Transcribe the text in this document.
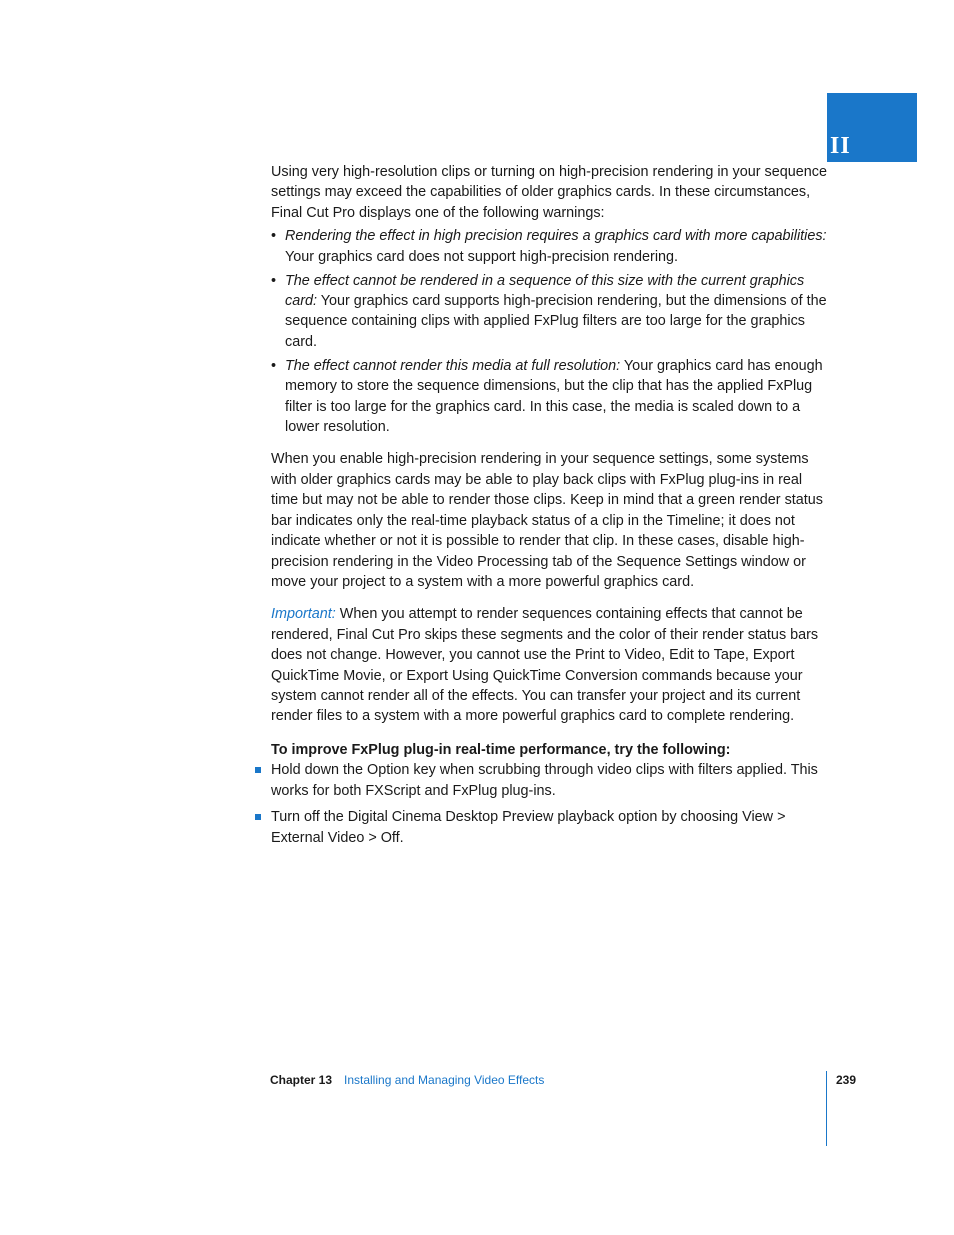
II

Using very high-resolution clips or turning on high-precision rendering in your sequence settings may exceed the capabilities of older graphics cards. In these circumstances, Final Cut Pro displays one of the following warnings:

• Rendering the effect in high precision requires a graphics card with more capabilities: Your graphics card does not support high-precision rendering.
• The effect cannot be rendered in a sequence of this size with the current graphics card: Your graphics card supports high-precision rendering, but the dimensions of the sequence containing clips with applied FxPlug filters are too large for the graphics card.
• The effect cannot render this media at full resolution: Your graphics card has enough memory to store the sequence dimensions, but the clip that has the applied FxPlug filter is too large for the graphics card. In this case, the media is scaled down to a lower resolution.

When you enable high-precision rendering in your sequence settings, some systems with older graphics cards may be able to play back clips with FxPlug plug-ins in real time but may not be able to render those clips. Keep in mind that a green render status bar indicates only the real-time playback status of a clip in the Timeline; it does not indicate whether or not it is possible to render that clip. In these cases, disable high-precision rendering in the Video Processing tab of the Sequence Settings window or move your project to a system with a more powerful graphics card.

Important: When you attempt to render sequences containing effects that cannot be rendered, Final Cut Pro skips these segments and the color of their render status bars does not change. However, you cannot use the Print to Video, Edit to Tape, Export QuickTime Movie, or Export Using QuickTime Conversion commands because your system cannot render all of the effects. You can transfer your project and its current render files to a system with a more powerful graphics card to complete rendering.

To improve FxPlug plug-in real-time performance, try the following:

Hold down the Option key when scrubbing through video clips with filters applied. This works for both FXScript and FxPlug plug-ins.
Turn off the Digital Cinema Desktop Preview playback option by choosing View > External Video > Off.
Chapter 13 Installing and Managing Video Effects	239
